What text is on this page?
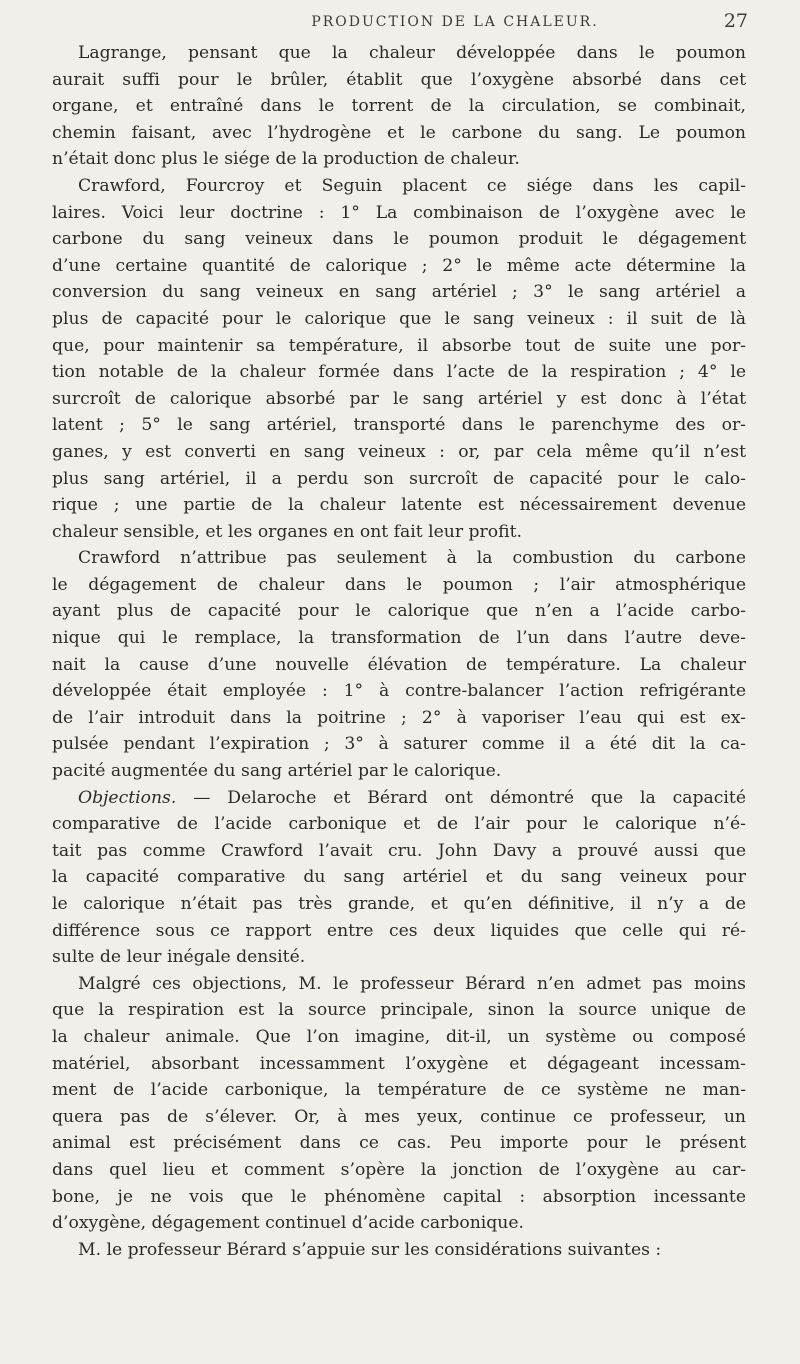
PRODUCTION DE LA CHALEUR.	27
Lagrange, pensant que la chaleur développée dans le poumon
aurait suffi pour le brûler, établit que l’oxygène absorbé dans cet
organe, et entraîné dans le torrent de la circulation, se combinait,
chemin faisant, avec l’hydrogène et le carbone du sang. Le poumon
n’était donc plus le siége de la production de chaleur.
Crawford, Fourcroy et Seguin placent ce siége dans les capil-
laires. Voici leur doctrine : 1° La combinaison de l’oxygène avec le
carbone du sang veineux dans le poumon produit le dégagement
d’une certaine quantité de calorique ; 2° le même acte détermine la
conversion du sang veineux en sang artériel ; 3° le sang artériel a
plus de capacité pour le calorique que le sang veineux : il suit de là
que, pour maintenir sa température, il absorbe tout de suite une por-
tion notable de la chaleur formée dans l’acte de la respiration ; 4° le
surcroît de calorique absorbé par le sang artériel y est donc à l’état
latent ; 5° le sang artériel, transporté dans le parenchyme des or-
ganes, y est converti en sang veineux : or, par cela même qu’il n’est
plus sang artériel, il a perdu son surcroît de capacité pour le calo-
rique ; une partie de la chaleur latente est nécessairement devenue
chaleur sensible, et les organes en ont fait leur profit.
Crawford n’attribue pas seulement à la combustion du carbone
le dégagement de chaleur dans le poumon ; l’air atmosphérique
ayant plus de capacité pour le calorique que n’en a l’acide carbo-
nique qui le remplace, la transformation de l’un dans l’autre deve-
nait la cause d’une nouvelle élévation de température. La chaleur
développée était employée : 1° à contre-balancer l’action refrigérante
de l’air introduit dans la poitrine ; 2° à vaporiser l’eau qui est ex-
pulsée pendant l’expiration ; 3° à saturer comme il a été dit la ca-
pacité augmentée du sang artériel par le calorique.
Objections. — Delaroche et Bérard ont démontré que la capacité
comparative de l’acide carbonique et de l’air pour le calorique n’é-
tait pas comme Crawford l’avait cru. John Davy a prouvé aussi que
la capacité comparative du sang artériel et du sang veineux pour
le calorique n’était pas très grande, et qu’en définitive, il n’y a de
différence sous ce rapport entre ces deux liquides que celle qui ré-
sulte de leur inégale densité.
Malgré ces objections, M. le professeur Bérard n’en admet pas moins
que la respiration est la source principale, sinon la source unique de
la chaleur animale. Que l’on imagine, dit-il, un système ou composé
matériel, absorbant incessamment l’oxygène et dégageant incessam-
ment de l’acide carbonique, la température de ce système ne man-
quera pas de s’élever. Or, à mes yeux, continue ce professeur, un
animal est précisément dans ce cas. Peu importe pour le présent
dans quel lieu et comment s’opère la jonction de l’oxygène au car-
bone, je ne vois que le phénomène capital : absorption incessante
d’oxygène, dégagement continuel d’acide carbonique.
M. le professeur Bérard s’appuie sur les considérations suivantes :
